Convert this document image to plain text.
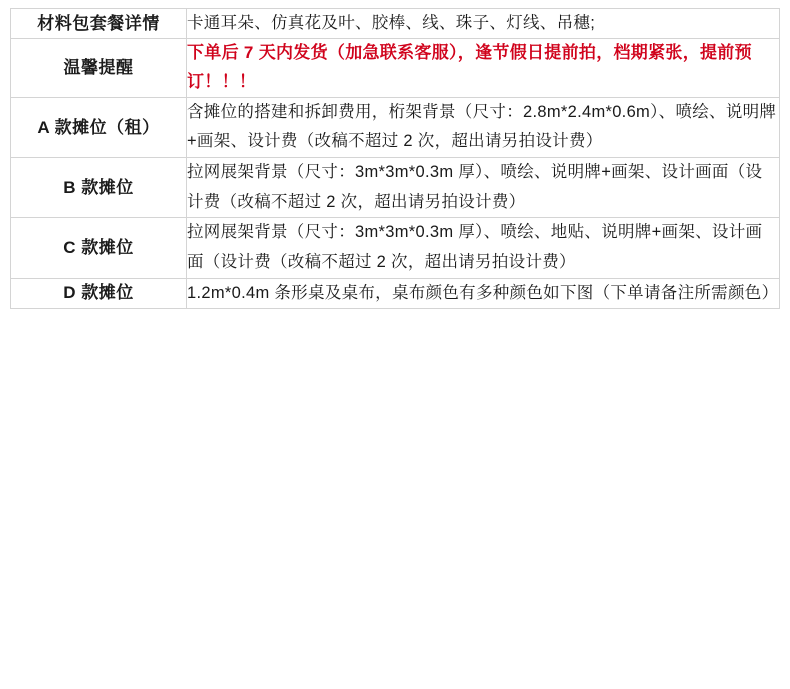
材料包套餐详情	卡通耳朵、仿真花及叶、胶棒、线、珠子、灯线、吊穗;
温馨提醒	下单后 7 天内发货（加急联系客服），逢节假日提前拍，档期紧张，提前预订！！！
A 款摊位（租）	含摊位的搭建和拆卸费用，桁架背景（尺寸：2.8m*2.4m*0.6m）、喷绘、说明牌+画架、设计费（改稿不超过 2 次，超出请另拍设计费）
B 款摊位	拉网展架背景（尺寸：3m*3m*0.3m 厚）、喷绘、说明牌+画架、设计画面（设计费（改稿不超过 2 次，超出请另拍设计费）
C 款摊位	拉网展架背景（尺寸：3m*3m*0.3m 厚）、喷绘、地贴、说明牌+画架、设计画面（设计费（改稿不超过 2 次，超出请另拍设计费）
D 款摊位	1.2m*0.4m 条形桌及桌布，桌布颜色有多种颜色如下图（下单请备注所需颜色）
